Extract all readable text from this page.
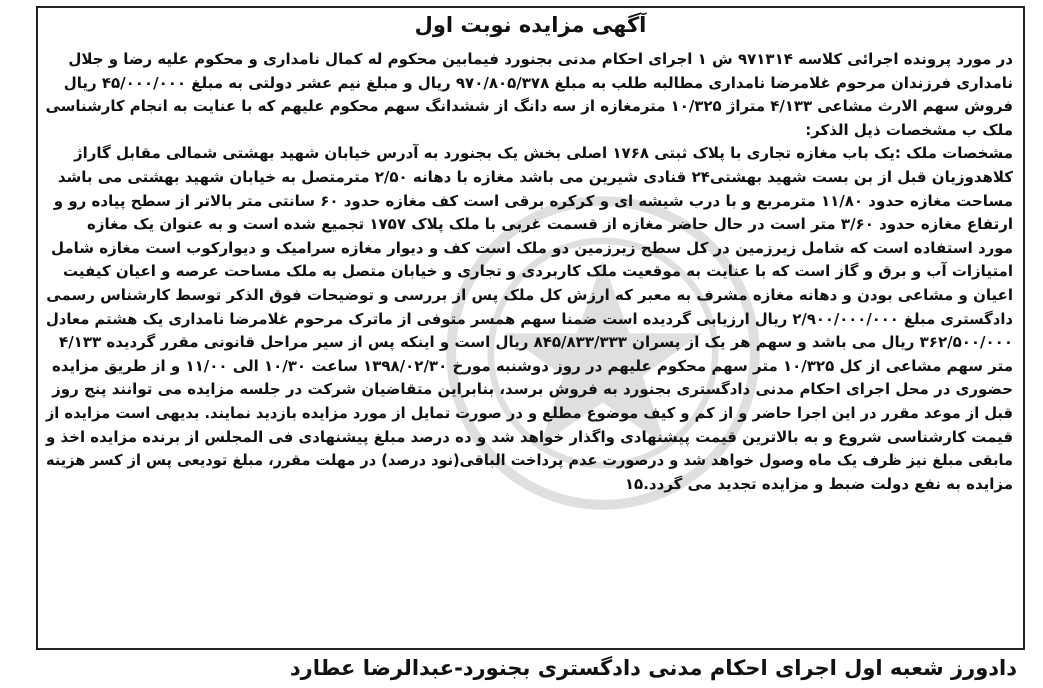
آگهی مزایده نوبت اول
در مورد پرونده اجرائی کلاسه ۹۷۱۳۱۴ ش ۱ اجرای احکام مدنی بجنورد فیمابین محکوم له کمال نامداری و محکوم علیه رضا و جلال
نامداری فرزندان مرحوم غلامرضا نامداری مطالبه طلب به مبلغ ۹۷۰/۸۰۵/۳۷۸ ریال و مبلغ نیم عشر دولتی به مبلغ ۴۵/۰۰۰/۰۰۰ ریال
فروش سهم الارث مشاعی ۴/۱۳۳ متراژ ۱۰/۳۲۵ مترمغازه از سه دانگ از ششدانگ سهم محکوم علیهم که با عنایت به انجام کارشناسی
ملک ب مشخصات ذیل الذکر:
مشخصات ملک :یک باب مغازه تجاری با پلاک ثبتی ۱۷۶۸ اصلی بخش یک بجنورد به آدرس خیابان شهید بهشتی شمالی مقابل گاراژ
کلاهدوزیان قبل از بن بست شهید بهشتی۲۴ قنادی شیرین می باشد مغازه با دهانه ۲/۵۰ مترمتصل به خیابان شهید بهشتی می باشد
مساحت مغازه حدود ۱۱/۸۰ مترمربع و با درب شیشه ای و کرکره برقی است کف مغازه حدود ۶۰ سانتی متر بالاتر از سطح پیاده رو و
ارتفاع مغازه حدود ۳/۶۰ متر است در حال حاضر مغازه از قسمت غربی با ملک پلاک ۱۷۵۷ تجمیع شده است و به عنوان یک مغازه
مورد استفاده است که شامل زیرزمین در کل سطح زیرزمین دو ملک است کف و دیوار مغازه سرامیک و دیوارکوب است مغازه شامل
امتیازات آب و برق و گاز است که با عنایت به موقعیت ملک کاربردی و تجاری و خیابان متصل به ملک مساحت عرصه و اعیان کیفیت
اعیان و مشاعی بودن و دهانه مغازه مشرف به معبر که ارزش کل ملک پس از بررسی و توضیحات فوق الذکر توسط کارشناس رسمی
دادگستری مبلغ ۲/۹۰۰/۰۰۰/۰۰۰ ریال ارزیابی گردیده است ضمنا سهم همسر متوفی از ماترک مرحوم غلامرضا نامداری یک هشتم معادل
۳۶۲/۵۰۰/۰۰۰ ریال می باشد و سهم هر یک از پسران ۸۴۵/۸۳۳/۳۳۳ ریال است و اینکه پس از سیر مراحل قانونی مقرر گردیده ۴/۱۳۳
متر سهم مشاعی از کل ۱۰/۳۲۵ متر سهم محکوم علیهم در روز دوشنبه مورخ ۱۳۹۸/۰۲/۳۰ ساعت ۱۰/۳۰ الی ۱۱/۰۰ و از طریق مزایده
حضوری در محل اجرای احکام مدنی دادگستری بجنورد به فروش برسد، بنابراین متقاضیان شرکت در جلسه مزایده می توانند پنج روز
قبل از موعد مقرر در این اجرا حاضر و از کم و کیف موضوع مطلع و در صورت تمایل از مورد مزایده بازدید نمایند. بدیهی است مزایده از
قیمت کارشناسی شروع و به بالاترین قیمت پیشنهادی واگذار خواهد شد و ده درصد مبلغ پیشنهادی فی المجلس از برنده مزایده اخذ و
مابقی مبلغ نیز ظرف یک ماه وصول خواهد شد و درصورت عدم پرداخت الباقی(نود درصد) در مهلت مقرر، مبلغ تودیعی پس از کسر هزینه
مزایده به نفع دولت ضبط و مزایده تجدید می گردد.۱۵
دادورز شعبه اول اجرای احکام مدنی دادگستری بجنورد-عبدالرضا عطارد
